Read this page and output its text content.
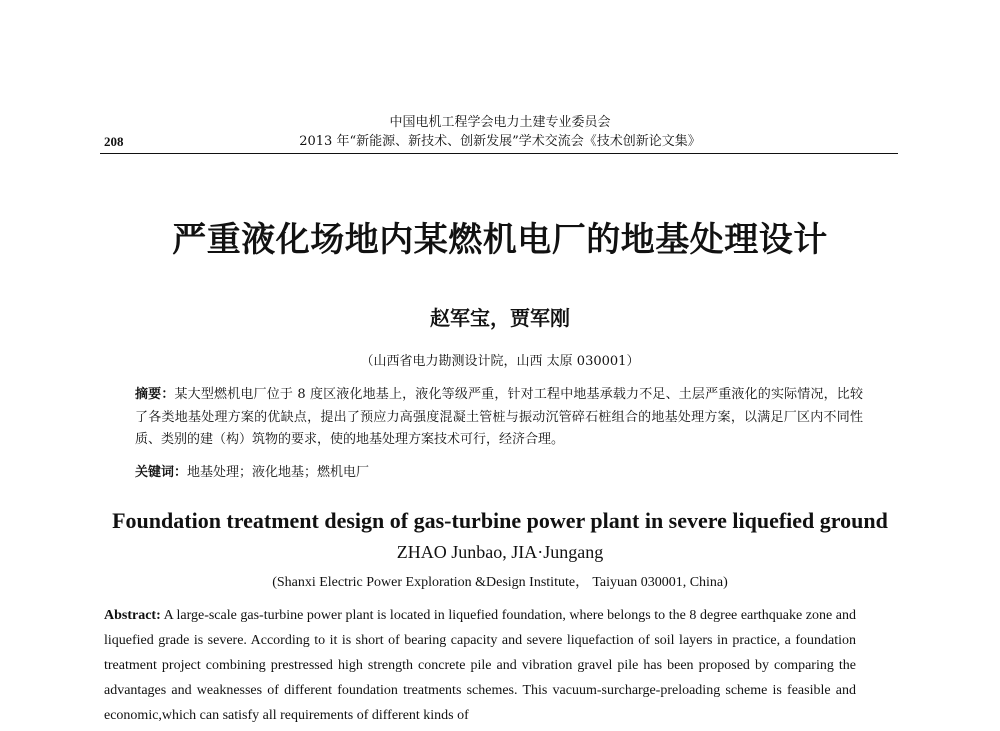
中国电机工程学会电力土建专业委员会
208	2013 年“新能源、新技术、创新发展”学术交流会《技术创新论文集》
严重液化场地内某燃机电厂的地基处理设计
赵军宝，贾军刚
（山西省电力勘测设计院，山西 太原 030001）
摘要：某大型燃机电厂位于 8 度区液化地基上，液化等级严重，针对工程中地基承载力不足、土层严重液化的实际情况，比较了各类地基处理方案的优缺点，提出了预应力高强度混凝土管桩与振动沉管碎石桩组合的地基处理方案，以满足厂区内不同性质、类别的建（构）筑物的要求，使的地基处理方案技术可行，经济合理。
关键词：地基处理；液化地基；燃机电厂
Foundation treatment design of gas-turbine power plant in severe liquefied ground
ZHAO Junbao, JIA·Jungang
(Shanxi Electric Power Exploration &Design Institute， Taiyuan 030001, China)
Abstract: A large-scale gas-turbine power plant is located in liquefied foundation, where belongs to the 8 degree earthquake zone and liquefied grade is severe. According to it is short of bearing capacity and severe liquefaction of soil layers in practice, a foundation treatment project combining prestressed high strength concrete pile and vibration gravel pile has been proposed by comparing the advantages and weaknesses of different foundation treatments schemes. This vacuum-surcharge-preloading scheme is feasible and economic,which can satisfy all requirements of different kinds of
